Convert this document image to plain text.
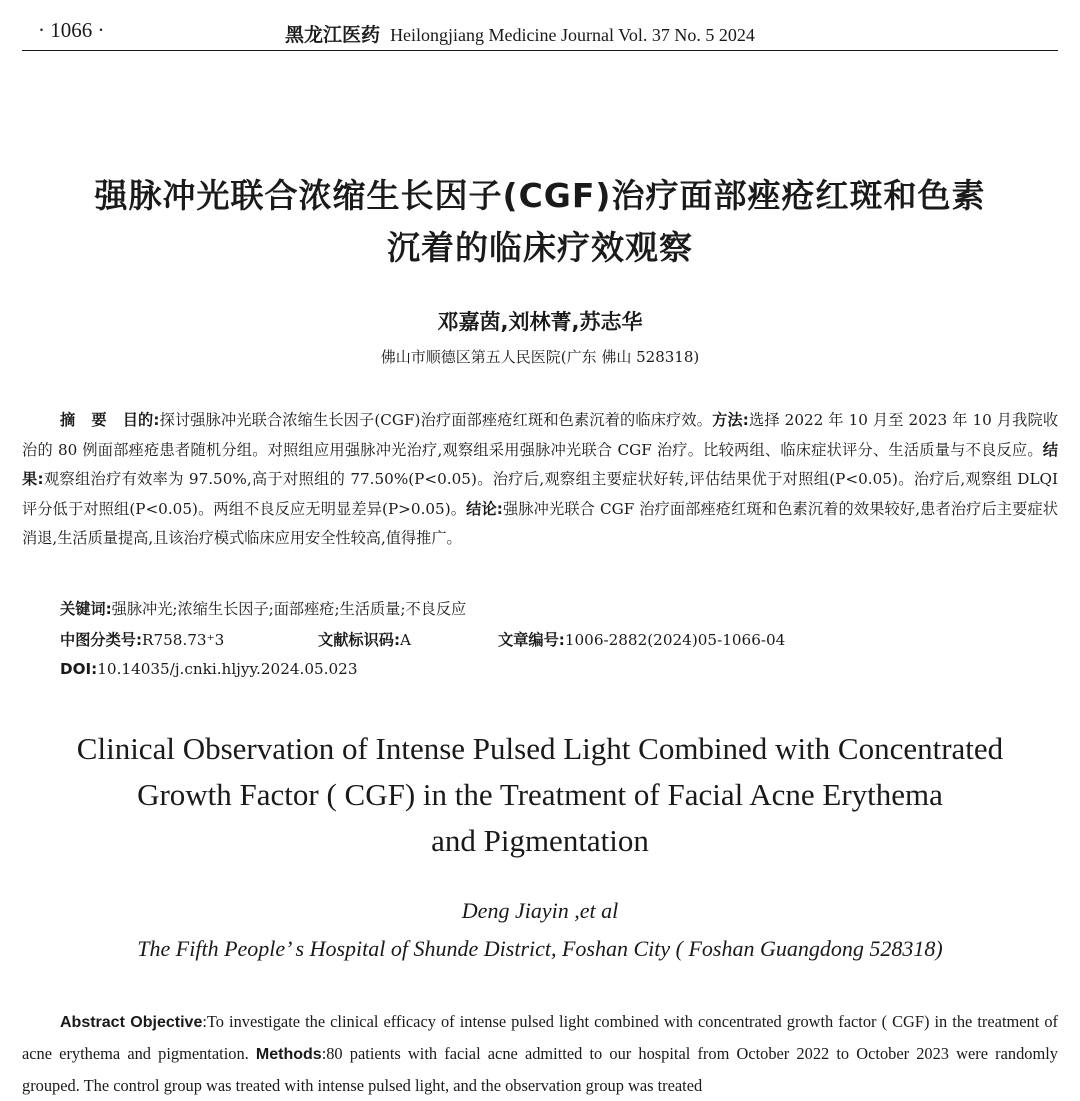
· 1066 ·	黑龙江医药 Heilongjiang Medicine Journal Vol. 37 No. 5 2024
强脉冲光联合浓缩生长因子(CGF)治疗面部痤疮红斑和色素
沉着的临床疗效观察
邓嘉茵,刘林菁,苏志华
佛山市顺德区第五人民医院(广东 佛山 528318)
摘要目的:探讨强脉冲光联合浓缩生长因子(CGF)治疗面部痤疮红斑和色素沉着的临床疗效。方法:选择 2022 年 10 月至 2023 年 10 月我院收治的 80 例面部痤疮患者随机分组。对照组应用强脉冲光治疗,观察组采用强脉冲光联合 CGF 治疗。比较两组、临床症状评分、生活质量与不良反应。结果:观察组治疗有效率为 97.50%,高于对照组的 77.50%(P<0.05)。治疗后,观察组主要症状好转,评估结果优于对照组(P<0.05)。治疗后,观察组 DLQI 评分低于对照组(P<0.05)。两组不良反应无明显差异(P>0.05)。结论:强脉冲光联合 CGF 治疗面部痤疮红斑和色素沉着的效果较好,患者治疗后主要症状消退,生活质量提高,且该治疗模式临床应用安全性较高,值得推广。
关键词:强脉冲光;浓缩生长因子;面部痤疮;生活质量;不良反应
中图分类号:R758.73⁺3	文献标识码:A	文章编号:1006-2882(2024)05-1066-04
DOI:10.14035/j.cnki.hljyy.2024.05.023
Clinical Observation of Intense Pulsed Light Combined with Concentrated
Growth Factor ( CGF) in the Treatment of Facial Acne Erythema
and Pigmentation
Deng Jiayin ,et al
The Fifth People’ s Hospital of Shunde District, Foshan City ( Foshan Guangdong 528318)
Abstract Objective:To investigate the clinical efficacy of intense pulsed light combined with concentrated growth factor ( CGF) in the treatment of acne erythema and pigmentation. Methods:80 patients with facial acne admitted to our hospital from October 2022 to October 2023 were randomly grouped. The control group was treated with intense pulsed light, and the observation group was treated
